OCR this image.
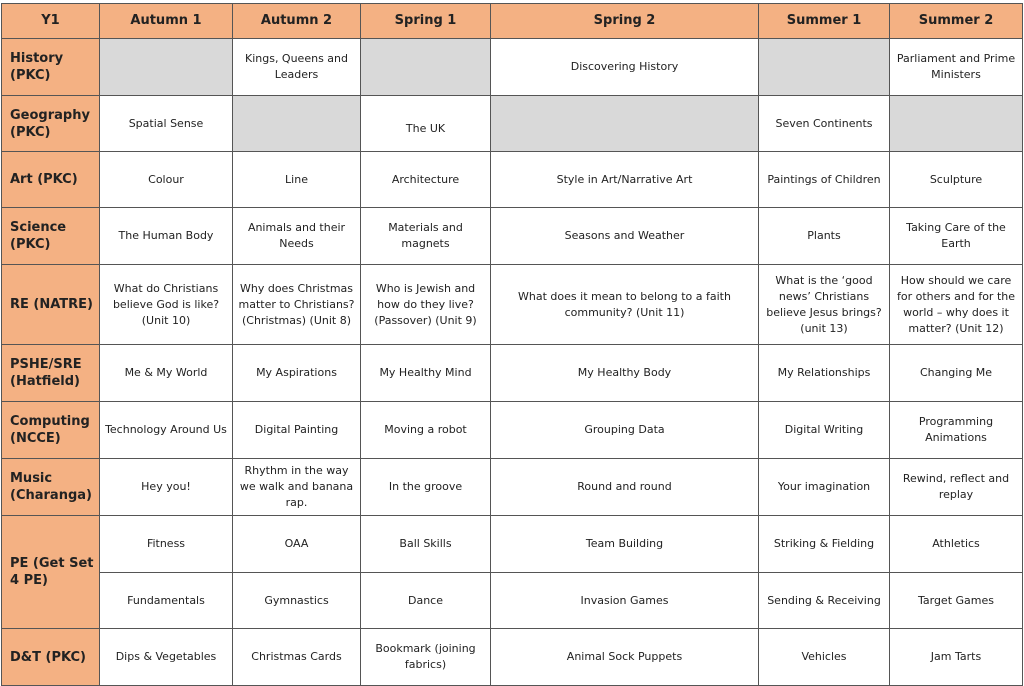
Y1	Autumn 1	Autumn 2	Spring 1	Spring 2	Summer 1	Summer 2
History (PKC)		Kings, Queens and Leaders		Discovering History		Parliament and Prime Ministers
Geography (PKC)	Spatial Sense		The UK		Seven Continents	
Art (PKC)	Colour	Line	Architecture	Style in Art/Narrative Art	Paintings of Children	Sculpture
Science (PKC)	The Human Body	Animals and their Needs	Materials and magnets	Seasons and Weather	Plants	Taking Care of the Earth
RE (NATRE)	What do Christians believe God is like? (Unit 10)	Why does Christmas matter to Christians? (Christmas) (Unit 8)	Who is Jewish and how do they live? (Passover) (Unit 9)	What does it mean to belong to a faith community? (Unit 11)	What is the ‘good news’ Christians believe Jesus brings? (unit 13)	How should we care for others and for the world – why does it matter? (Unit 12)
PSHE/SRE (Hatfield)	Me & My World	My Aspirations	My Healthy Mind	My Healthy Body	My Relationships	Changing Me
Computing (NCCE)	Technology Around Us	Digital Painting	Moving a robot	Grouping Data	Digital Writing	Programming Animations
Music (Charanga)	Hey you!	Rhythm in the way we walk and banana rap.	In the groove	Round and round	Your imagination	Rewind, reflect and replay
PE (Get Set 4 PE)	Fitness	OAA	Ball Skills	Team Building	Striking & Fielding	Athletics
	Fundamentals	Gymnastics	Dance	Invasion Games	Sending & Receiving	Target Games
D&T (PKC)	Dips & Vegetables	Christmas Cards	Bookmark (joining fabrics)	Animal Sock Puppets	Vehicles	Jam Tarts
